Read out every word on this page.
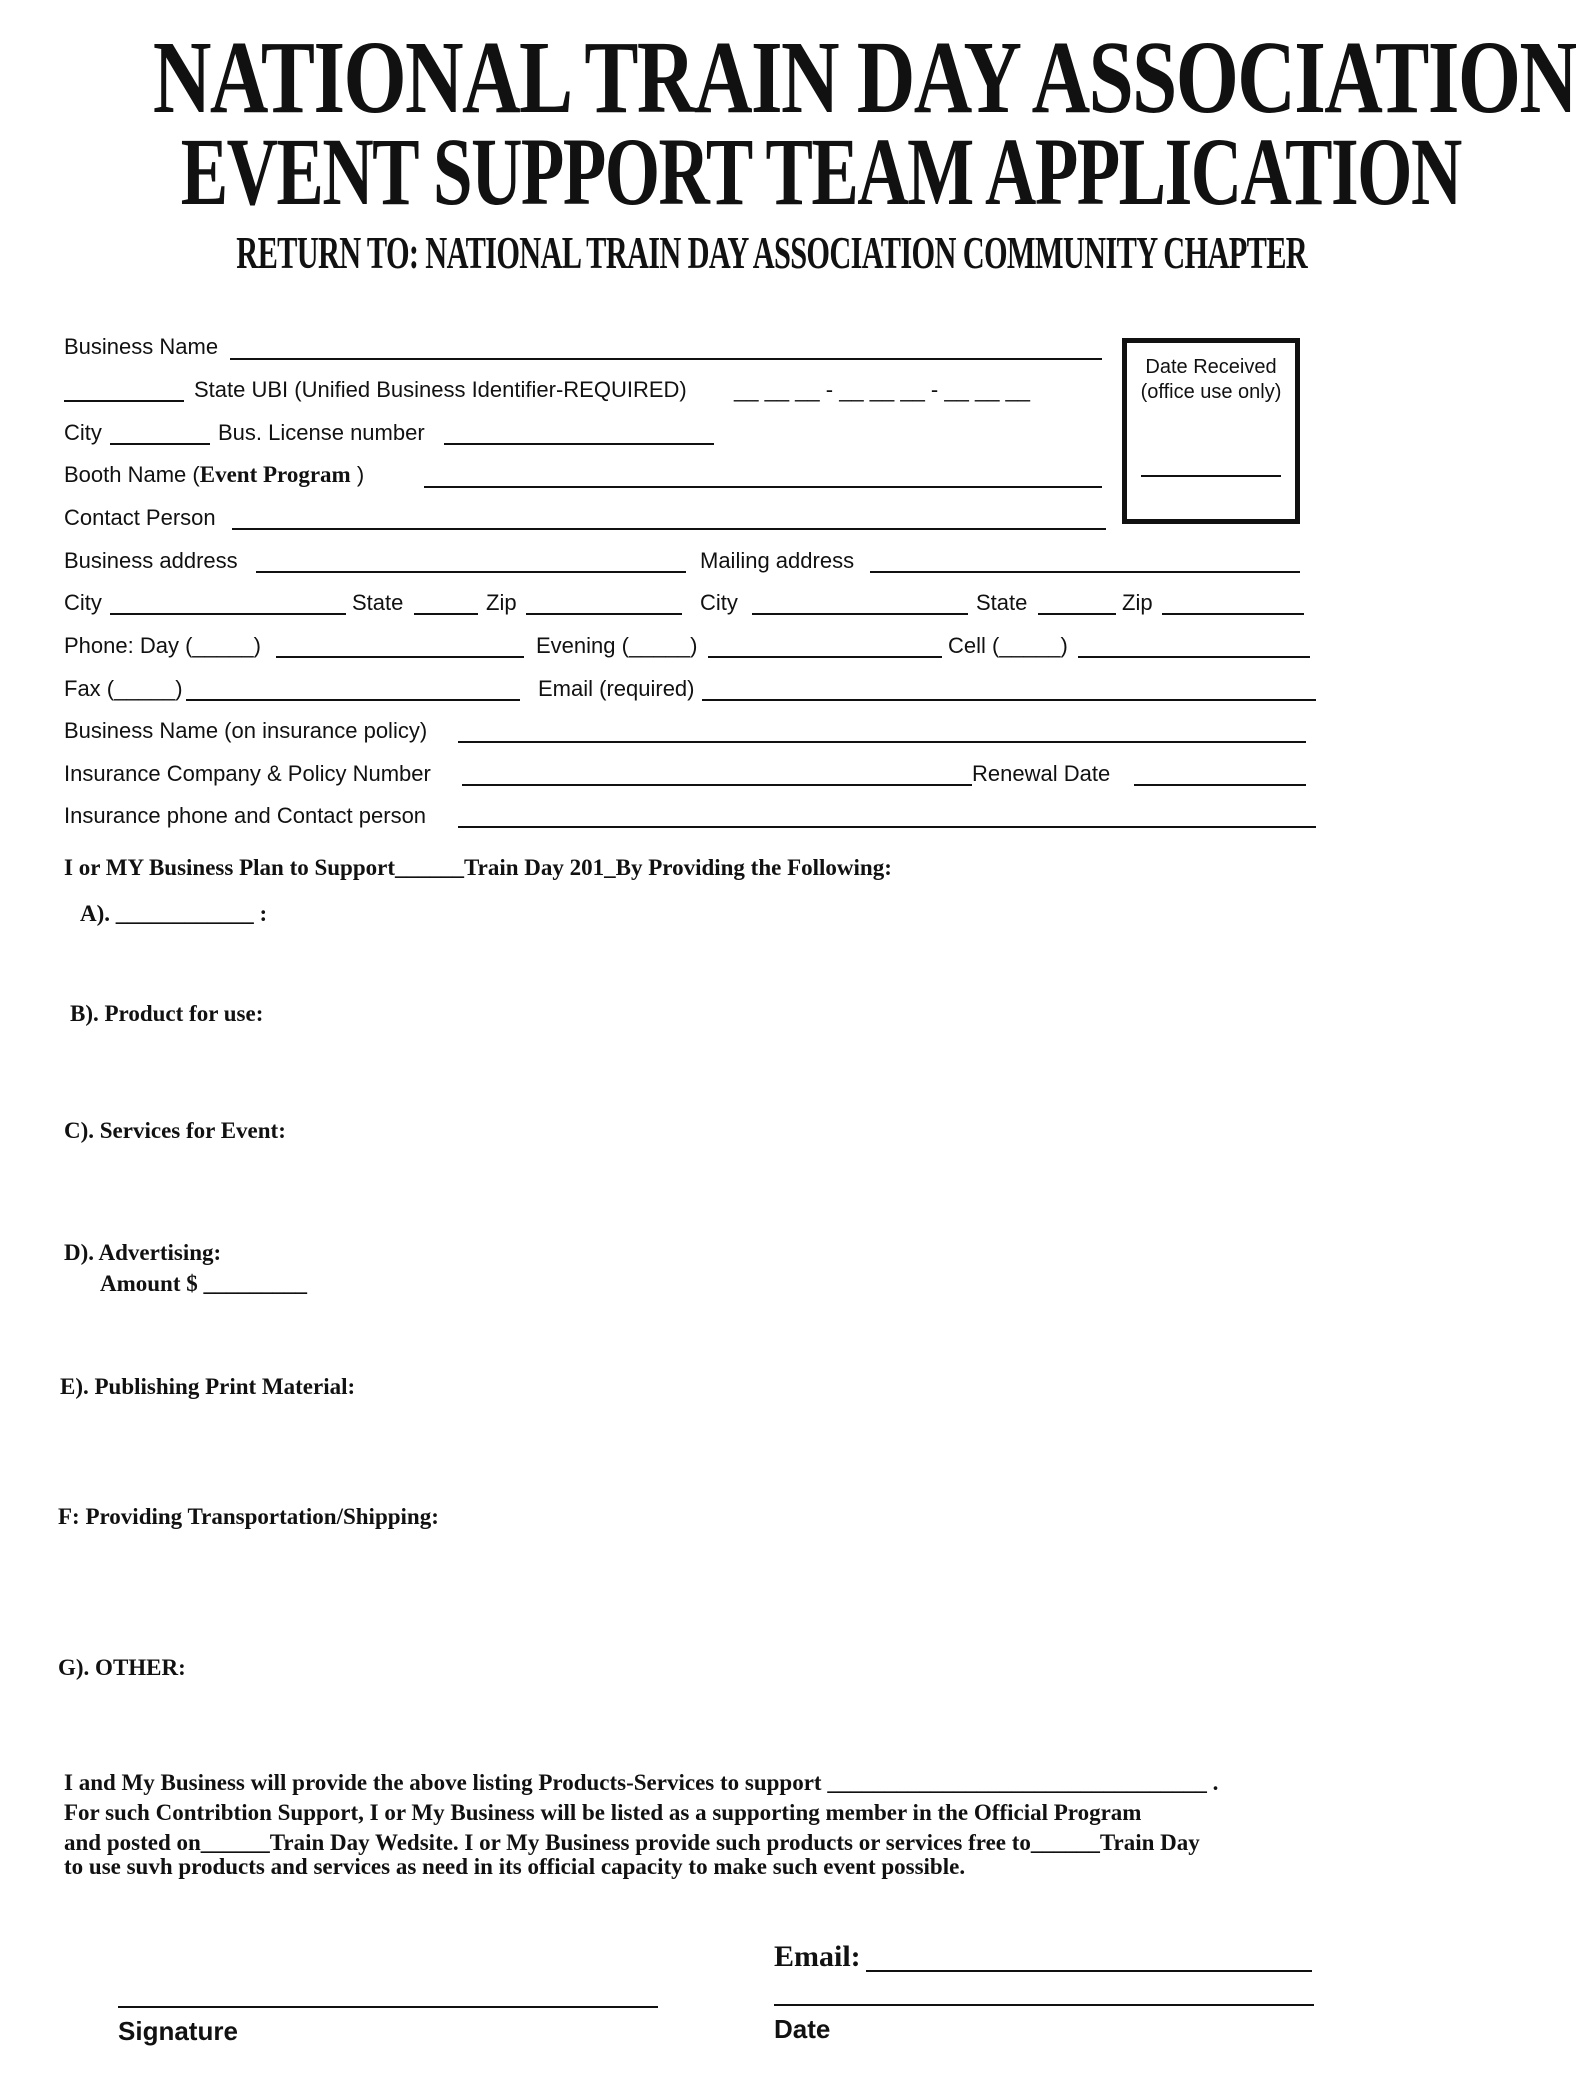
NATIONAL TRAIN DAY ASSOCIATION
EVENT SUPPORT TEAM APPLICATION
RETURN TO: NATIONAL TRAIN DAY ASSOCIATION COMMUNITY CHAPTER
Date Received
(office use only)
Business Name
State UBI (Unified Business Identifier-REQUIRED) __ __ __ - __ __ __ - __ __ __
City	Bus. License number
Booth Name (Event Program )
Contact Person
Business address	Mailing address
City	State	Zip	City	State	Zip
Phone: Day (_____)	Evening (_____)	Cell (_____)
Fax (_____)	Email (required)
Business Name (on insurance policy)
Insurance Company & Policy Number	Renewal Date
Insurance phone and Contact person
I or MY Business Plan to Support______Train Day 201_By Providing the Following:
A). ____________ :
B). Product for use:
C). Services for Event:
D). Advertising:
Amount $ _________
E). Publishing Print Material:
F: Providing Transportation/Shipping:
G). OTHER:
I and My Business will provide the above listing Products-Services to support _________________________________ .
For such Contribtion Support, I or My Business will be listed as a supporting member in the Official Program
and posted on______Train Day Wedsite. I or My Business provide such products or services free to______Train Day
to use suvh products and services as need in its official capacity to make such event possible.
Email:
Signature	Date
